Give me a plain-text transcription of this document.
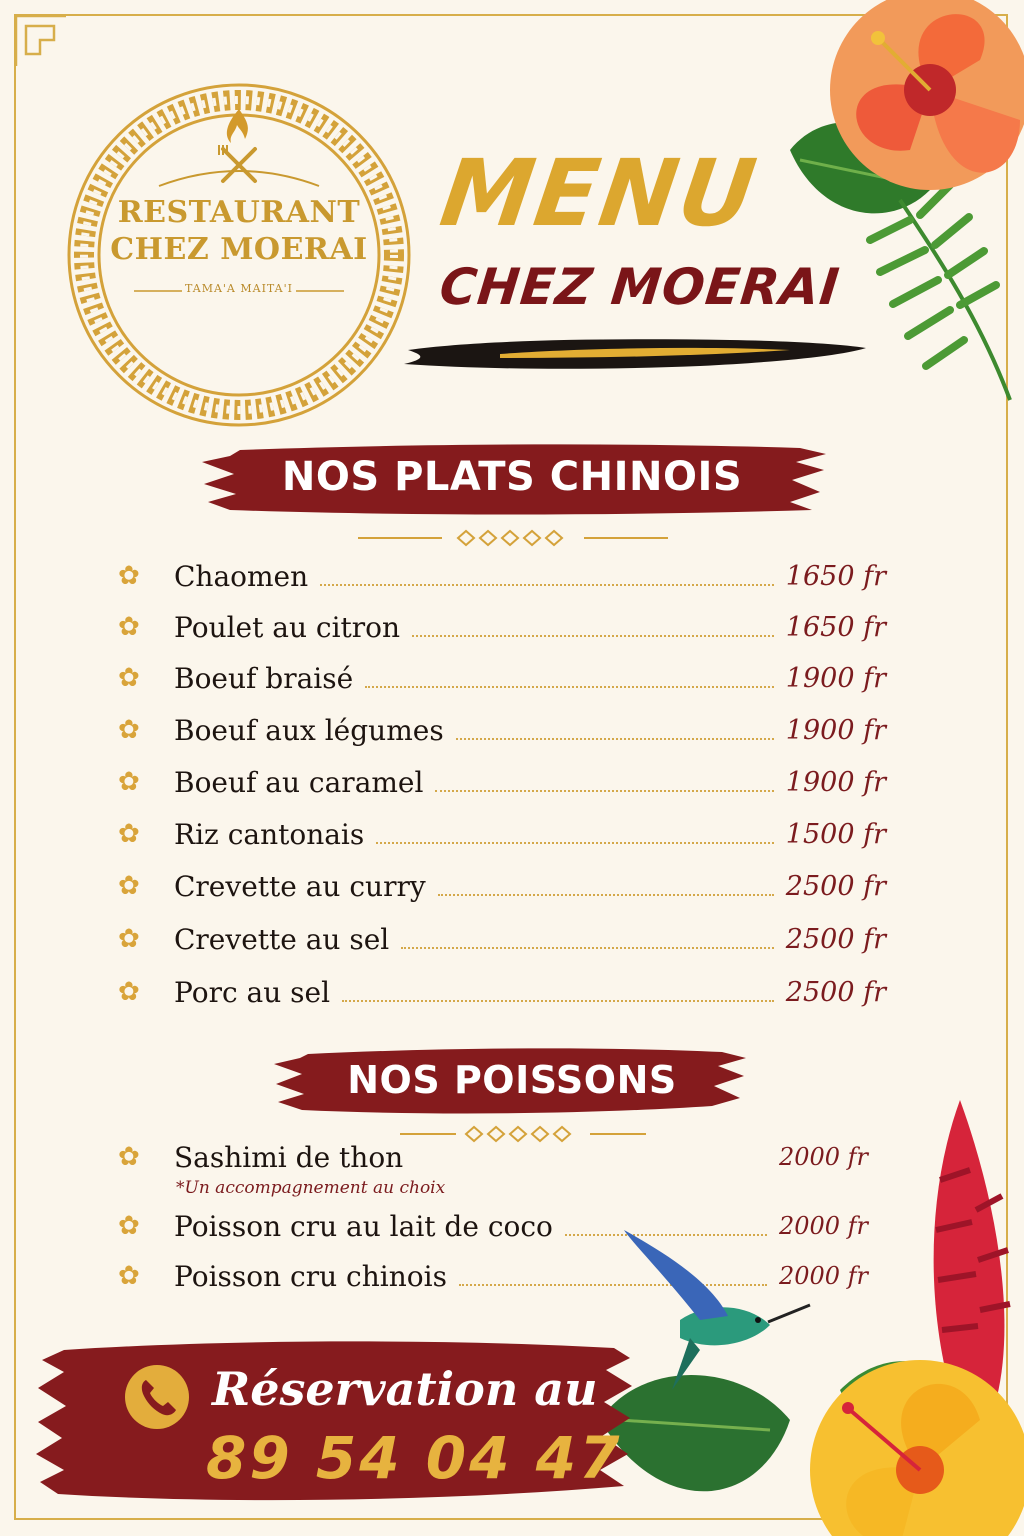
RESTAURANT
CHEZ MOERAI
TAMA'A MAITA'I
MENU
CHEZ MOERAI
NOS PLATS CHINOIS
✿ Chaomen	1650 fr
✿ Poulet au citron	1650 fr
✿ Boeuf braisé	1900 fr
✿ Boeuf aux légumes	1900 fr
✿ Boeuf au caramel	1900 fr
✿ Riz cantonais	1500 fr
✿ Crevette au curry	2500 fr
✿ Crevette au sel	2500 fr
✿ Porc au sel	2500 fr
NOS POISSONS
✿ Sashimi de thon	2000 fr
*Un accompagnement au choix
✿ Poisson cru au lait de coco	2000 fr
✿ Poisson cru chinois	2000 fr
Réservation au
89 54 04 47
